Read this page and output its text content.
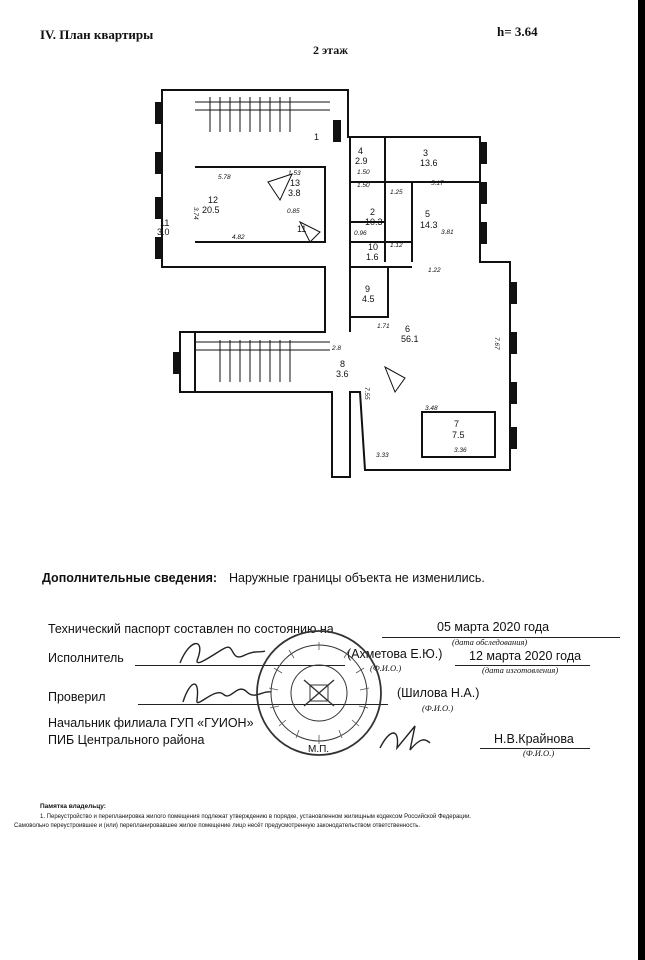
IV. План квартиры	h= 3.64
2 этаж
1
12
20.5
11
3.0
13
3.8
4
2.9
3
13.6
5
14.3
2
10.3
10
1.6
9
4.5
6
56.1
7
7.5
8
3.6
11
5.78
3.74
4.82
1.53	1.50
1.50	5.17
1.25
3.81
1.12
1.22
0.96
2.8
1.71
3.48
3.36
3.33
0.85
7.67
7.55
Дополнительные сведения: Наружные границы объекта не изменились.
Технический паспорт составлен по состоянию на	05 марта 2020 года
(дата обследования)
Исполнитель	(Ахметова Е.Ю.)
(Ф.И.О.)
12 марта 2020 года
(дата изготовления)
Проверил	(Шилова Н.А.)
(Ф.И.О.)
Начальник филиала ГУП «ГУИОН»
ПИБ Центрального района
М.П.
Н.В.Крайнова
(Ф.И.О.)
Памятка владельцу:
1. Переустройство и перепланировка жилого помещения подлежат утверждению в порядке, установленном жилищным кодексом Российской Федерации.
Самовольно переустроившее и (или) перепланировавшее жилое помещение лицо несёт предусмотренную законодательством ответственность.
